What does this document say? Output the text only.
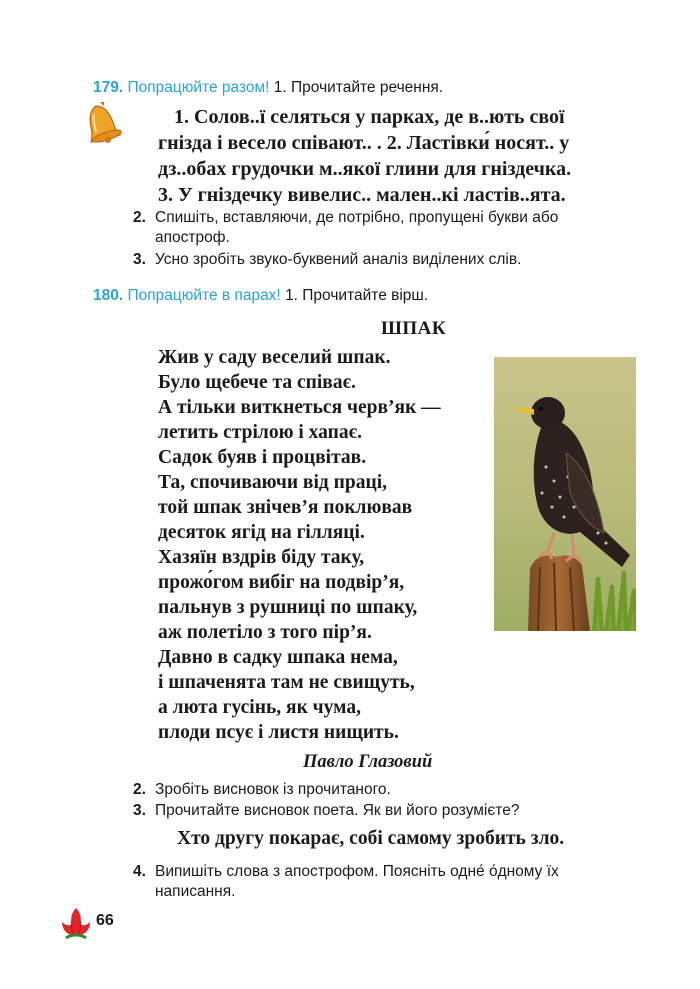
179. Попрацюйте разом! 1. Прочитайте речення.
1. Солов..ї селяться у парках, де в..ють свої
гнізда і весело співают.. . 2. Ластівки́ носят.. у
дз..обах грудочки м..якої глини для гніздечка.
3. У гніздечку вивелис.. мален..кі ластів..ята.
2. Спишіть, вставляючи, де потрібно, пропущені букви або
апостроф.
3. Усно зробіть звуко-буквений аналіз виділених слів.
180. Попрацюйте в парах! 1. Прочитайте вірш.
ШПАК
Жив у саду веселий шпак.
Було щебече та співає.
А тільки виткнеться черв’як —
летить стрілою і хапає.
Садок буяв і процвітав.
Та, спочиваючи від праці,
той шпак знічев’я поклював
десяток ягід на гілляці.
Хазяїн вздрів біду таку,
прожо́гом вибіг на подвір’я,
пальнув з рушниці по шпаку,
аж полетіло з того пір’я.
Давно в садку шпака нема,
і шпаченята там не свищуть,
а люта гусінь, як чума,
плоди псує і листя нищить.
Павло Глазовий
2. Зробіть висновок із прочитаного.
3. Прочитайте висновок поета. Як ви його розумієте?
Хто другу покарає, собі самому зробить зло.
4. Випишіть слова з апострофом. Поясніть одне́ о́дному їх
написання.
66
